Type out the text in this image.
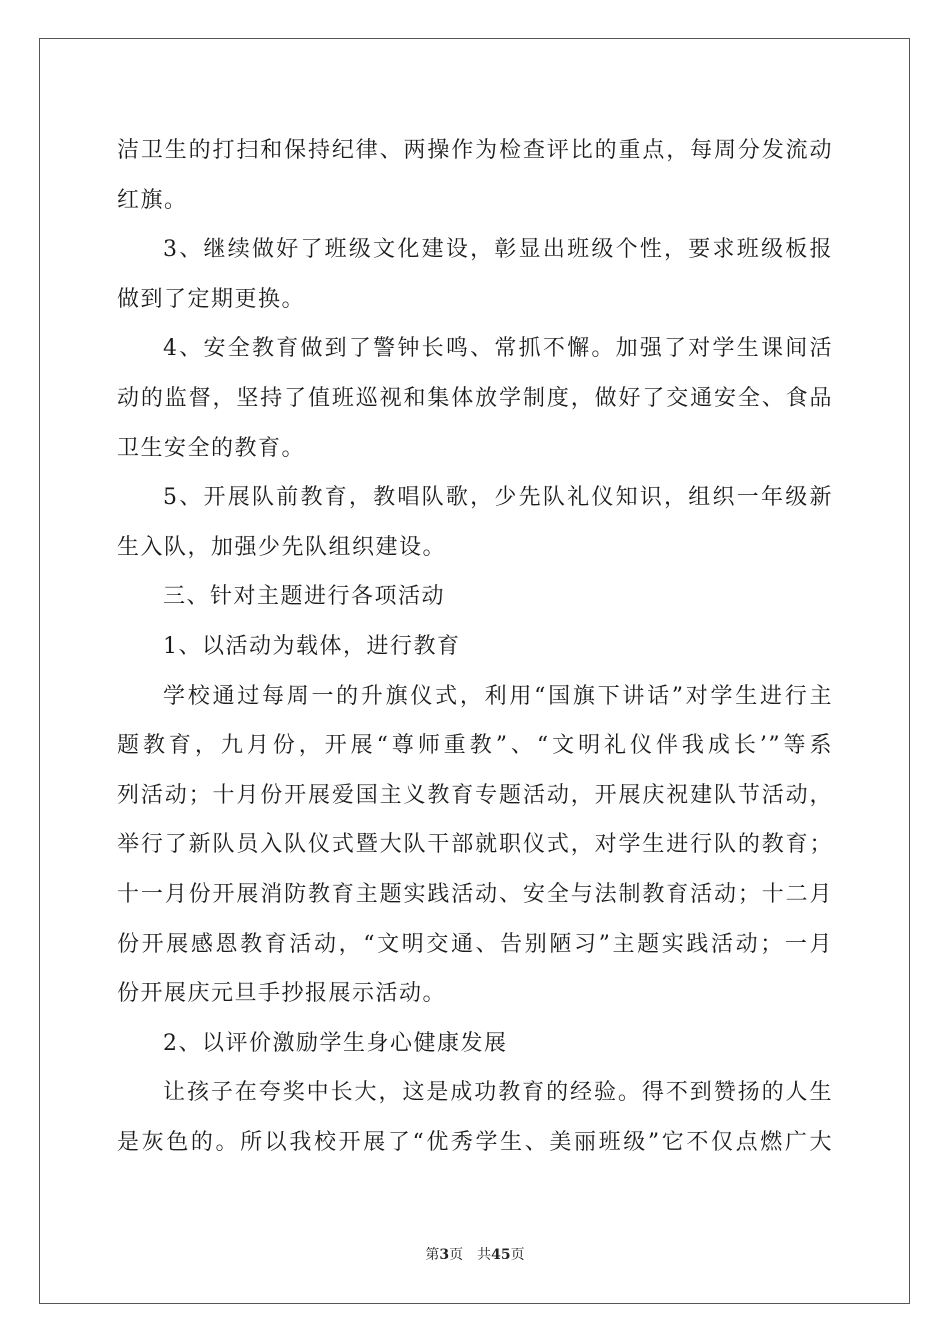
洁卫生的打扫和保持纪律、两操作为检查评比的重点，每周分发流动
红旗。
3、继续做好了班级文化建设，彰显出班级个性，要求班级板报
做到了定期更换。
4、安全教育做到了警钟长鸣、常抓不懈。加强了对学生课间活
动的监督，坚持了值班巡视和集体放学制度，做好了交通安全、食品
卫生安全的教育。
5、开展队前教育，教唱队歌，少先队礼仪知识，组织一年级新
生入队，加强少先队组织建设。
三、针对主题进行各项活动
1、以活动为载体，进行教育
学校通过每周一的升旗仪式，利用“国旗下讲话”对学生进行主
题教育，九月份，开展“尊师重教”、“文明礼仪伴我成长’”等系
列活动；十月份开展爱国主义教育专题活动，开展庆祝建队节活动，
举行了新队员入队仪式暨大队干部就职仪式，对学生进行队的教育；
十一月份开展消防教育主题实践活动、安全与法制教育活动；十二月
份开展感恩教育活动，“文明交通、告别陋习”主题实践活动；一月
份开展庆元旦手抄报展示活动。
2、以评价激励学生身心健康发展
让孩子在夸奖中长大，这是成功教育的经验。得不到赞扬的人生
是灰色的。所以我校开展了“优秀学生、美丽班级”它不仅点燃广大
第3页 共45页
